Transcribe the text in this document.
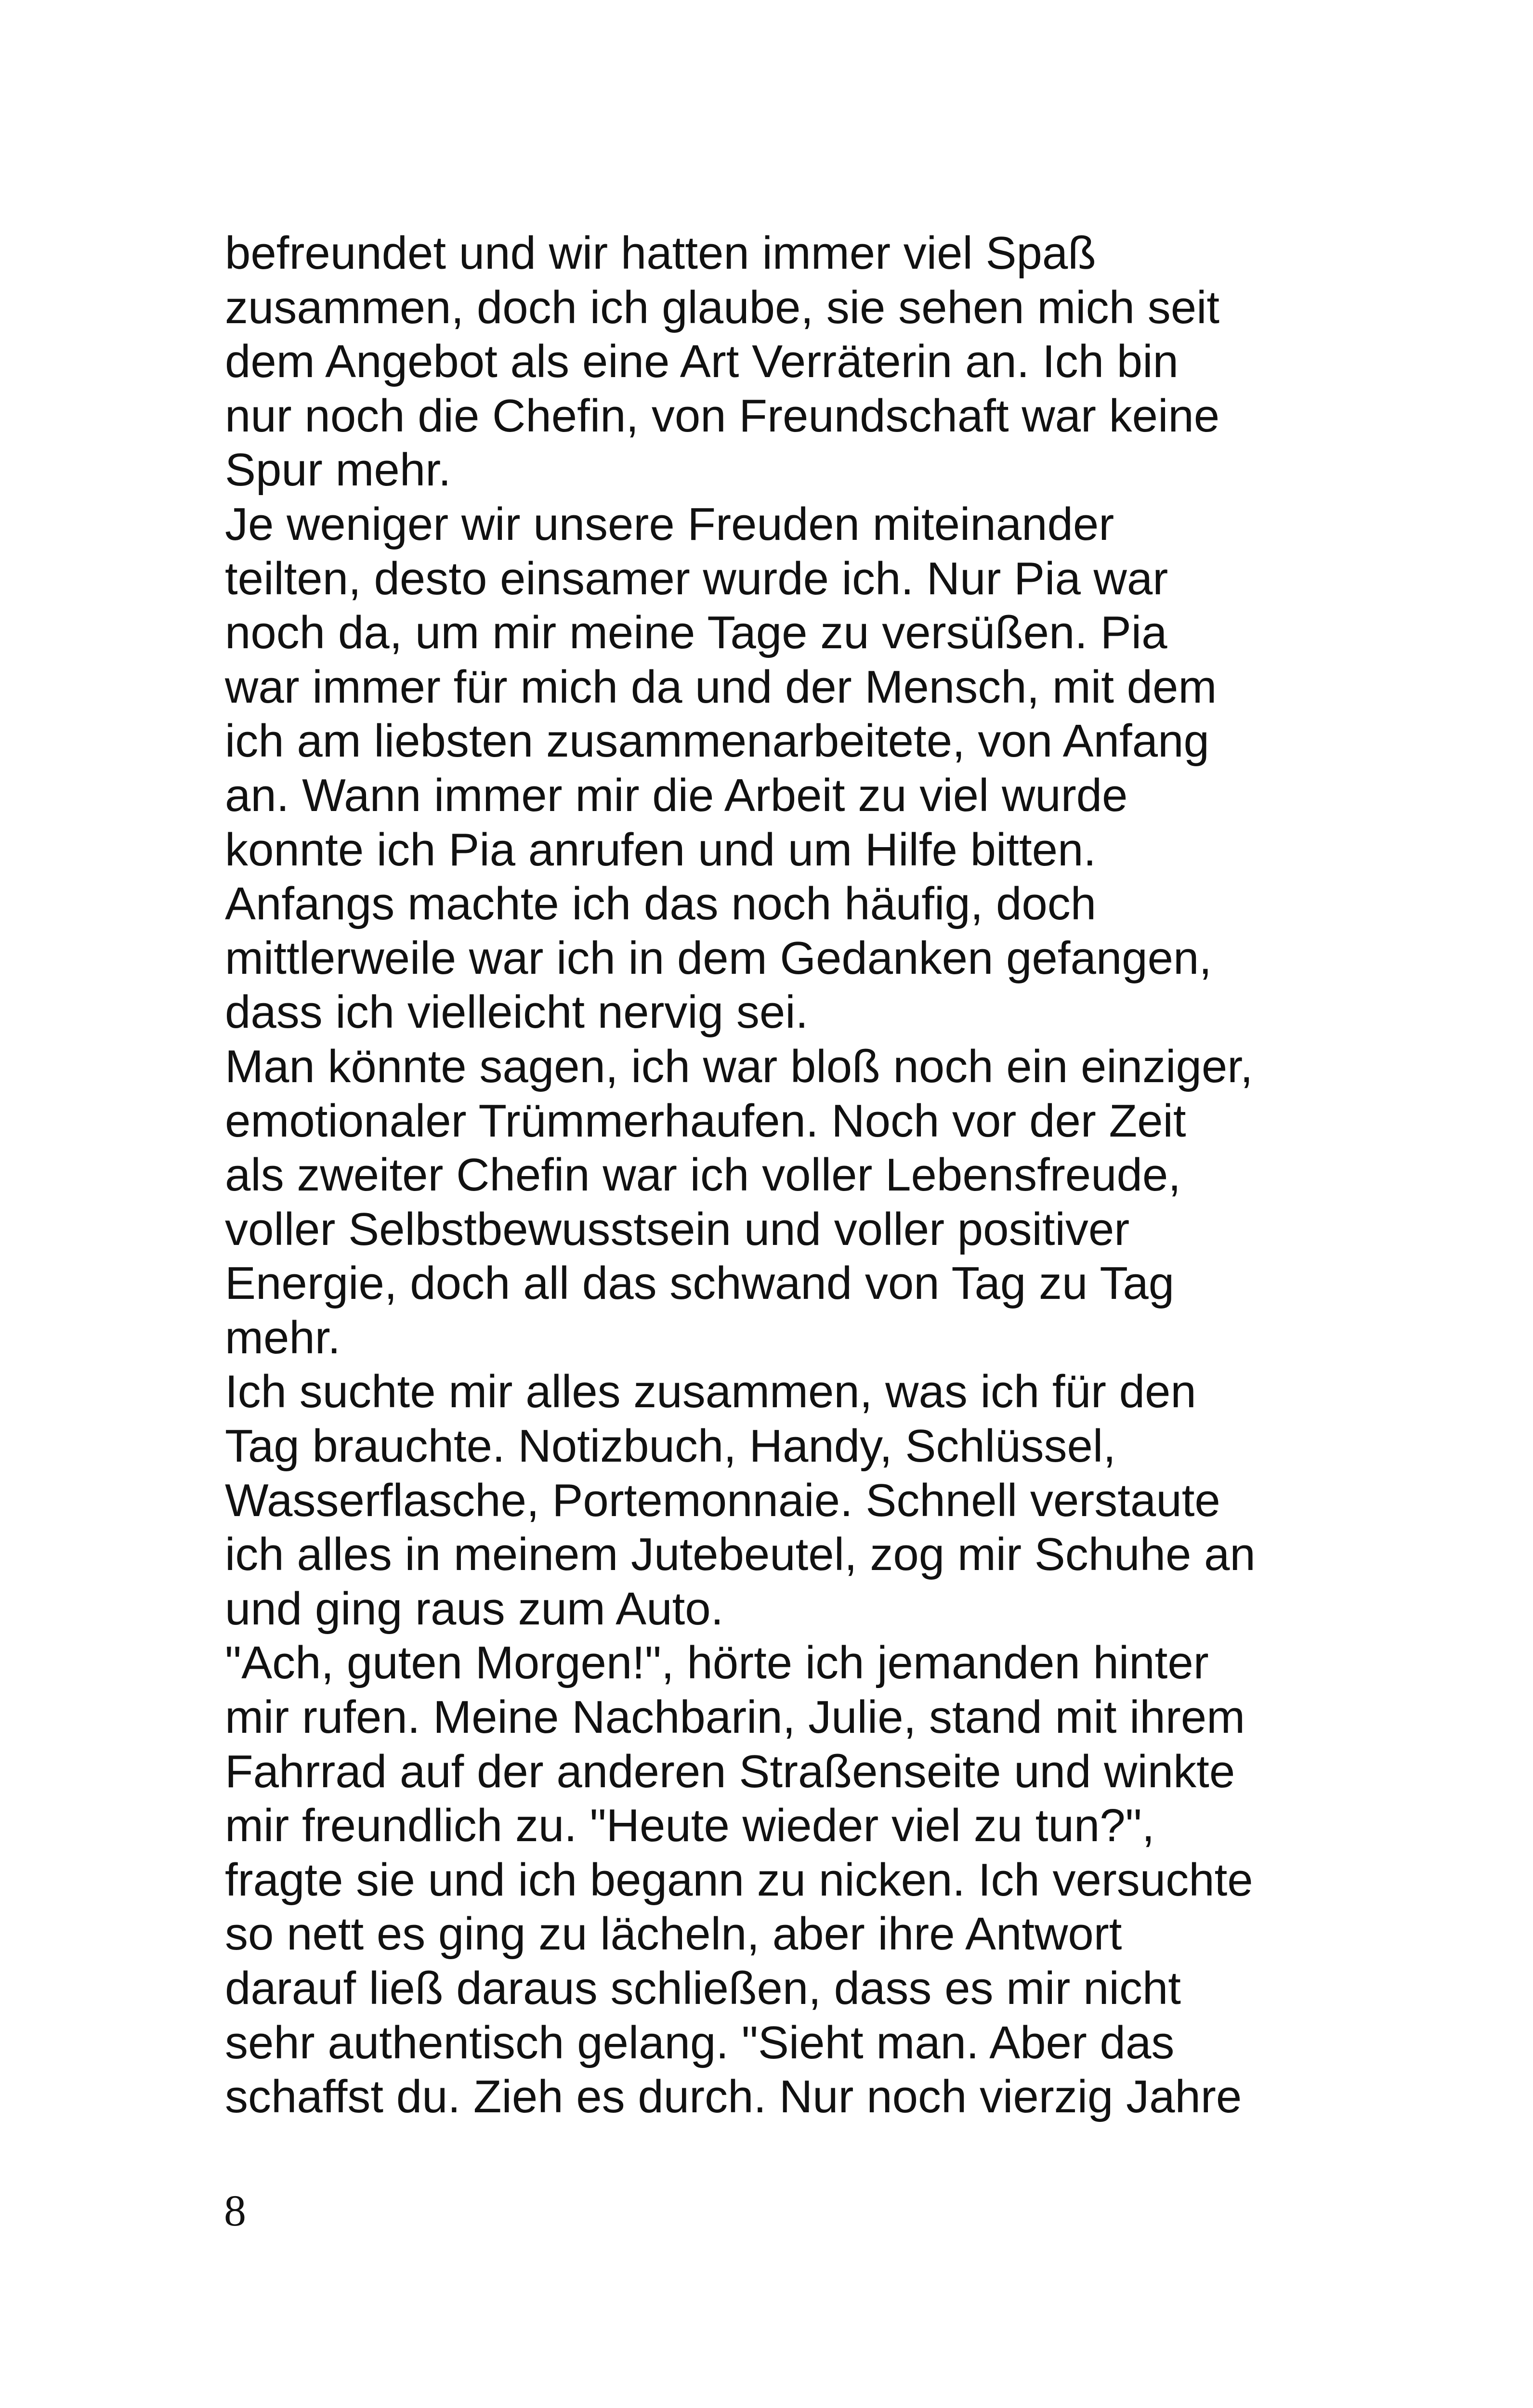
befreundet und wir hatten immer viel Spaß
zusammen, doch ich glaube, sie sehen mich seit
dem Angebot als eine Art Verräterin an. Ich bin
nur noch die Chefin, von Freundschaft war keine
Spur mehr.
Je weniger wir unsere Freuden miteinander
teilten, desto einsamer wurde ich. Nur Pia war
noch da, um mir meine Tage zu versüßen. Pia
war immer für mich da und der Mensch, mit dem
ich am liebsten zusammenarbeitete, von Anfang
an. Wann immer mir die Arbeit zu viel wurde
konnte ich Pia anrufen und um Hilfe bitten.
Anfangs machte ich das noch häufig, doch
mittlerweile war ich in dem Gedanken gefangen,
dass ich vielleicht nervig sei.
Man könnte sagen, ich war bloß noch ein einziger,
emotionaler Trümmerhaufen. Noch vor der Zeit
als zweiter Chefin war ich voller Lebensfreude,
voller Selbstbewusstsein und voller positiver
Energie, doch all das schwand von Tag zu Tag
mehr.
Ich suchte mir alles zusammen, was ich für den
Tag brauchte. Notizbuch, Handy, Schlüssel,
Wasserflasche, Portemonnaie. Schnell verstaute
ich alles in meinem Jutebeutel, zog mir Schuhe an
und ging raus zum Auto.
"Ach, guten Morgen!", hörte ich jemanden hinter
mir rufen. Meine Nachbarin, Julie, stand mit ihrem
Fahrrad auf der anderen Straßenseite und winkte
mir freundlich zu. "Heute wieder viel zu tun?",
fragte sie und ich begann zu nicken. Ich versuchte
so nett es ging zu lächeln, aber ihre Antwort
darauf ließ daraus schließen, dass es mir nicht
sehr authentisch gelang. "Sieht man. Aber das
schaffst du. Zieh es durch. Nur noch vierzig Jahre
8
